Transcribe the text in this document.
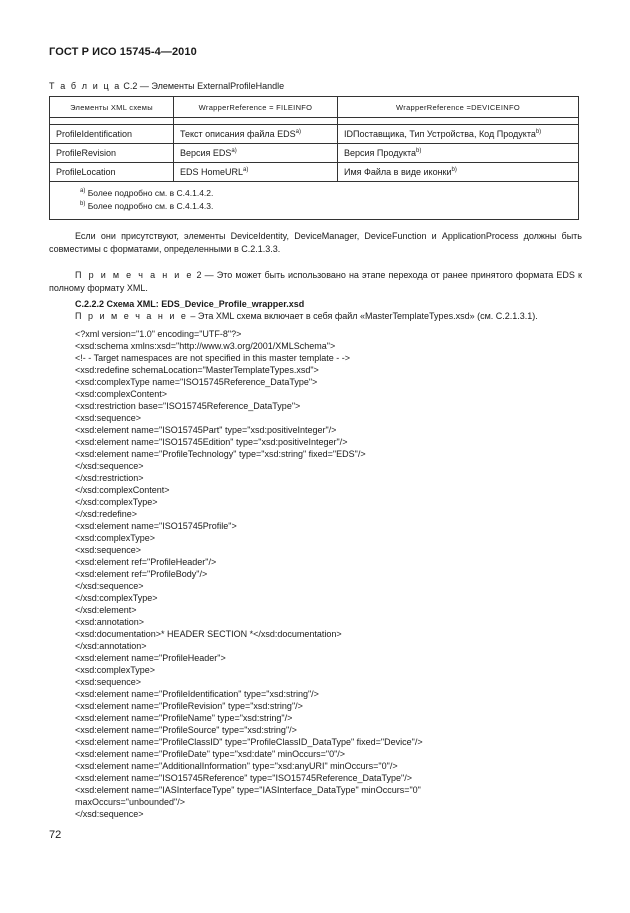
ГОСТ Р ИСО 15745-4—2010
Т а б л и ц а С.2 — Элементы ExternalProfileHandle
Элементы XML схемы	WrapperReference = FILEINFO	WrapperReference =DEVICEINFO

ProfileIdentification	Текст описания файла EDS$^{a)}$	IDПоставщика, Тип Устройства, Код Продукта$^{b)}$
ProfileRevision	Версия EDS$^{a)}$	Версия Продукта$^{b)}$
ProfileLocation	EDS HomeURL$^{a)}$	Имя Файла в виде иконки$^{b)}$

$^{a)}$ Более подробно см. в С.4.1.4.2.
$^{b)}$ Более подробно см. в С.4.1.4.3.		
Если они присутствуют, элементы DeviceIdentity, DeviceManager, DeviceFunction и ApplicationProcess должны быть совместимы с форматами, определенными в С.2.1.3.3.
П р и м е ч а н и е 2 — Это может быть использовано на этапе перехода от ранее принятого формата EDS к полному формату XML.
С.2.2.2 Схема XML: EDS_Device_Profile_wrapper.xsd
П р и м е ч а н и е – Эта XML схема включает в себя файл «MasterTemplateTypes.xsd» (см. С.2.1.3.1).
<?xml version="1.0" encoding="UTF-8"?>
<xsd:schema xmlns:xsd="http://www.w3.org/2001/XMLSchema">
<!- - Target namespaces are not specified in this master template - ->
<xsd:redefine schemaLocation="MasterTemplateTypes.xsd">
<xsd:complexType name="ISO15745Reference_DataType">
<xsd:complexContent>
<xsd:restriction base="ISO15745Reference_DataType">
<xsd:sequence>
<xsd:element name="ISO15745Part" type="xsd:positiveInteger"/>
<xsd:element name="ISO15745Edition" type="xsd:positiveInteger"/>
<xsd:element name="ProfileTechnology" type="xsd:string" fixed="EDS"/>
</xsd:sequence>
</xsd:restriction>
</xsd:complexContent>
</xsd:complexType>
</xsd:redefine>
<xsd:element name="ISO15745Profile">
<xsd:complexType>
<xsd:sequence>
<xsd:element ref="ProfileHeader"/>
<xsd:element ref="ProfileBody"/>
</xsd:sequence>
</xsd:complexType>
</xsd:element>
<xsd:annotation>
<xsd:documentation>* HEADER SECTION *</xsd:documentation>
</xsd:annotation>
<xsd:element name="ProfileHeader">
<xsd:complexType>
<xsd:sequence>
<xsd:element name="ProfileIdentification" type="xsd:string"/>
<xsd:element name="ProfileRevision" type="xsd:string"/>
<xsd:element name="ProfileName" type="xsd:string"/>
<xsd:element name="ProfileSource" type="xsd:string"/>
<xsd:element name="ProfileClassID" type="ProfileClassID_DataType" fixed="Device"/>
<xsd:element name="ProfileDate" type="xsd:date" minOccurs="0"/>
<xsd:element name="AdditionalInformation" type="xsd:anyURI" minOccurs="0"/>
<xsd:element name="ISO15745Reference" type="ISO15745Reference_DataType"/>
<xsd:element name="IASInterfaceType" type="IASInterface_DataType" minOccurs="0"
maxOccurs="unbounded"/>
</xsd:sequence>
72
